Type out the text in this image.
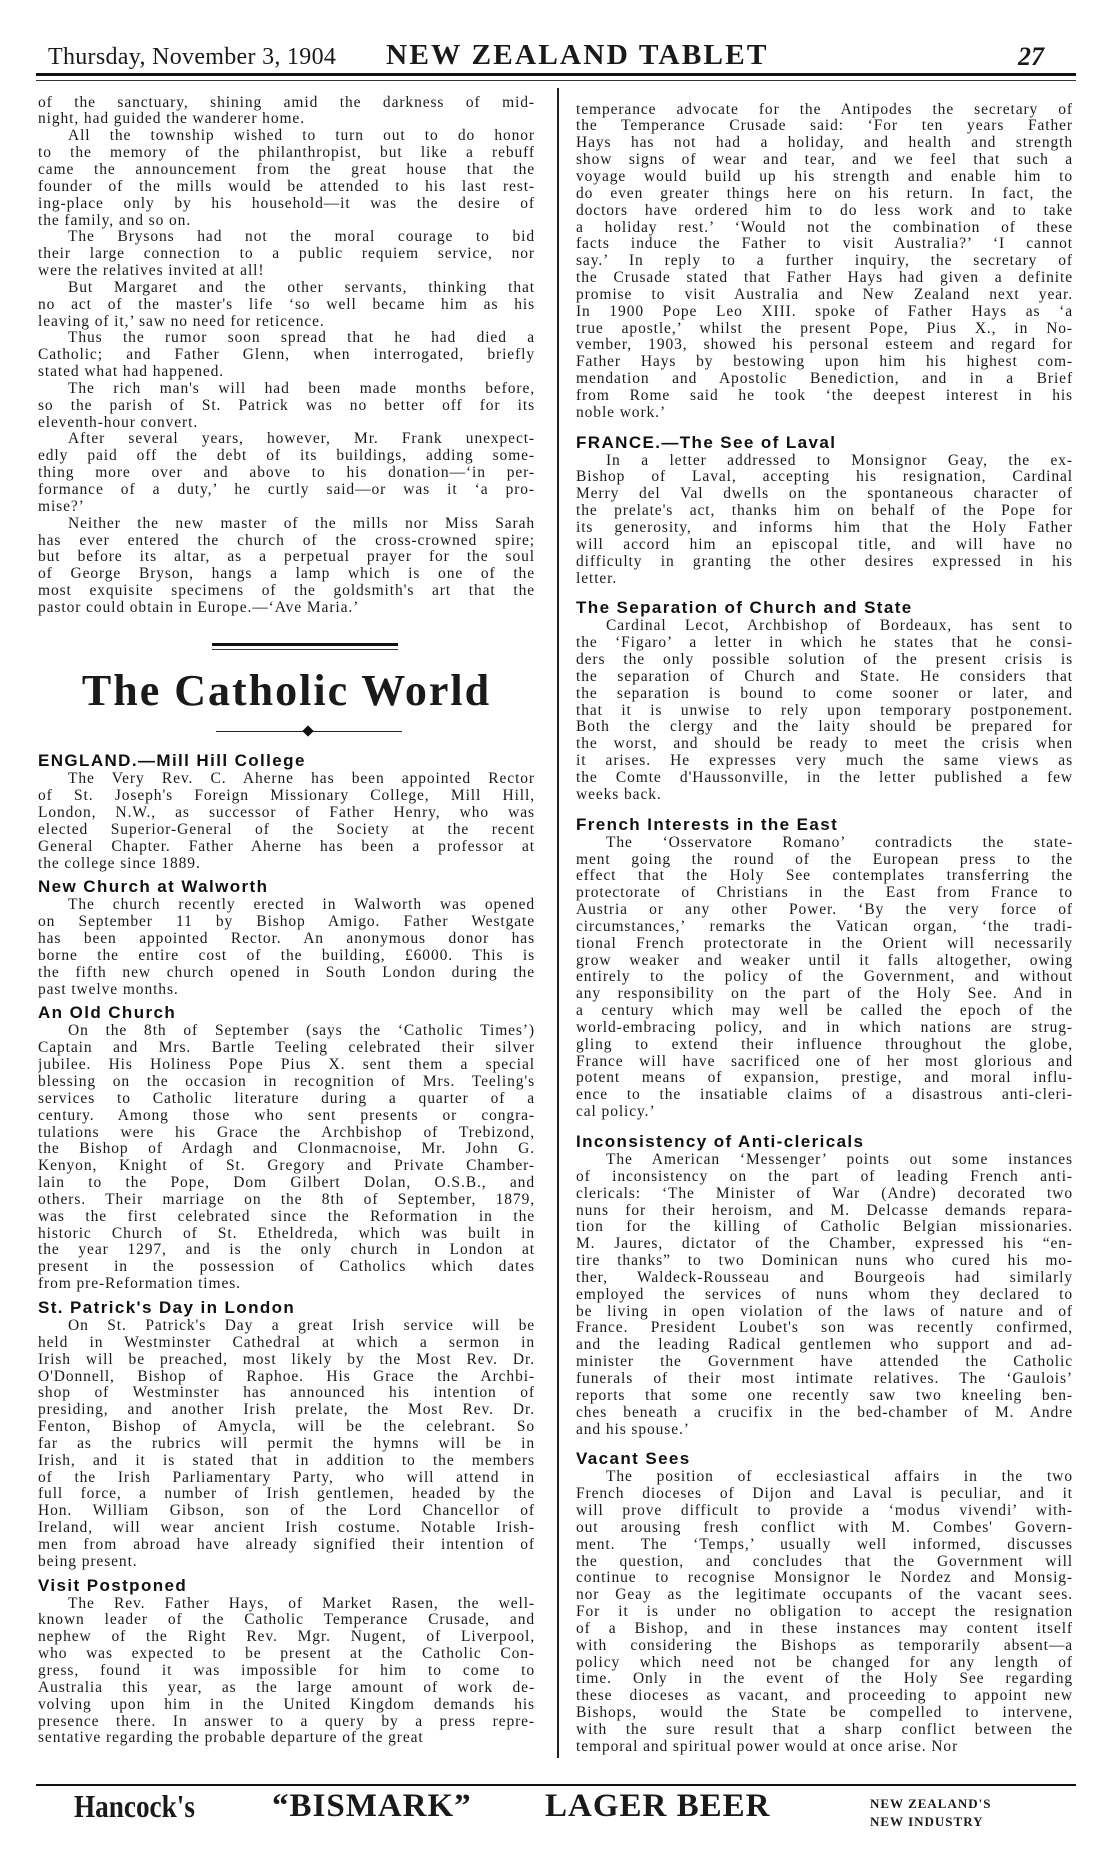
Thursday, November 3, 1904 NEW ZEALAND TABLET	27
of the sanctuary, shining amid the darkness of mid-
night, had guided the wanderer home.
All the township wished to turn out to do honor
to the memory of the philanthropist, but like a rebuff
came the announcement from the great house that the
founder of the mills would be attended to his last rest-
ing-place only by his household—it was the desire of
the family, and so on.
The Brysons had not the moral courage to bid
their large connection to a public requiem service, nor
were the relatives invited at all!
But Margaret and the other servants, thinking that
no act of the master's life ‘so well became him as his
leaving of it,’ saw no need for reticence.
Thus the rumor soon spread that he had died a
Catholic; and Father Glenn, when interrogated, briefly
stated what had happened.
The rich man's will had been made months before,
so the parish of St. Patrick was no better off for its
eleventh-hour convert.
After several years, however, Mr. Frank unexpect-
edly paid off the debt of its buildings, adding some-
thing more over and above to his donation—‘in per-
formance of a duty,’ he curtly said—or was it ‘a pro-
mise?’
Neither the new master of the mills nor Miss Sarah
has ever entered the church of the cross-crowned spire;
but before its altar, as a perpetual prayer for the soul
of George Bryson, hangs a lamp which is one of the
most exquisite specimens of the goldsmith's art that the
pastor could obtain in Europe.—‘Ave Maria.’
The Catholic World
ENGLAND.—Mill Hill College
The Very Rev. C. Aherne has been appointed Rector
of St. Joseph's Foreign Missionary College, Mill Hill,
London, N.W., as successor of Father Henry, who was
elected Superior-General of the Society at the recent
General Chapter. Father Aherne has been a professor at
the college since 1889.
New Church at Walworth
The church recently erected in Walworth was opened
on September 11 by Bishop Amigo. Father Westgate
has been appointed Rector. An anonymous donor has
borne the entire cost of the building, £6000. This is
the fifth new church opened in South London during the
past twelve months.
An Old Church
On the 8th of September (says the ‘Catholic Times’)
Captain and Mrs. Bartle Teeling celebrated their silver
jubilee. His Holiness Pope Pius X. sent them a special
blessing on the occasion in recognition of Mrs. Teeling's
services to Catholic literature during a quarter of a
century. Among those who sent presents or congra-
tulations were his Grace the Archbishop of Trebizond,
the Bishop of Ardagh and Clonmacnoise, Mr. John G.
Kenyon, Knight of St. Gregory and Private Chamber-
lain to the Pope, Dom Gilbert Dolan, O.S.B., and
others. Their marriage on the 8th of September, 1879,
was the first celebrated since the Reformation in the
historic Church of St. Etheldreda, which was built in
the year 1297, and is the only church in London at
present in the possession of Catholics which dates
from pre-Reformation times.
St. Patrick's Day in London
On St. Patrick's Day a great Irish service will be
held in Westminster Cathedral at which a sermon in
Irish will be preached, most likely by the Most Rev. Dr.
O'Donnell, Bishop of Raphoe. His Grace the Archbi-
shop of Westminster has announced his intention of
presiding, and another Irish prelate, the Most Rev. Dr.
Fenton, Bishop of Amycla, will be the celebrant. So
far as the rubrics will permit the hymns will be in
Irish, and it is stated that in addition to the members
of the Irish Parliamentary Party, who will attend in
full force, a number of Irish gentlemen, headed by the
Hon. William Gibson, son of the Lord Chancellor of
Ireland, will wear ancient Irish costume. Notable Irish-
men from abroad have already signified their intention of
being present.
Visit Postponed
The Rev. Father Hays, of Market Rasen, the well-
known leader of the Catholic Temperance Crusade, and
nephew of the Right Rev. Mgr. Nugent, of Liverpool,
who was expected to be present at the Catholic Con-
gress, found it was impossible for him to come to
Australia this year, as the large amount of work de-
volving upon him in the United Kingdom demands his
presence there. In answer to a query by a press repre-
sentative regarding the probable departure of the great
temperance advocate for the Antipodes the secretary of
the Temperance Crusade said: ‘For ten years Father
Hays has not had a holiday, and health and strength
show signs of wear and tear, and we feel that such a
voyage would build up his strength and enable him to
do even greater things here on his return. In fact, the
doctors have ordered him to do less work and to take
a holiday rest.’ ‘Would not the combination of these
facts induce the Father to visit Australia?’ ‘I cannot
say.’ In reply to a further inquiry, the secretary of
the Crusade stated that Father Hays had given a definite
promise to visit Australia and New Zealand next year.
In 1900 Pope Leo XIII. spoke of Father Hays as ‘a
true apostle,’ whilst the present Pope, Pius X., in No-
vember, 1903, showed his personal esteem and regard for
Father Hays by bestowing upon him his highest com-
mendation and Apostolic Benediction, and in a Brief
from Rome said he took ‘the deepest interest in his
noble work.’
FRANCE.—The See of Laval
In a letter addressed to Monsignor Geay, the ex-
Bishop of Laval, accepting his resignation, Cardinal
Merry del Val dwells on the spontaneous character of
the prelate's act, thanks him on behalf of the Pope for
its generosity, and informs him that the Holy Father
will accord him an episcopal title, and will have no
difficulty in granting the other desires expressed in his
letter.
The Separation of Church and State
Cardinal Lecot, Archbishop of Bordeaux, has sent to
the ‘Figaro’ a letter in which he states that he consi-
ders the only possible solution of the present crisis is
the separation of Church and State. He considers that
the separation is bound to come sooner or later, and
that it is unwise to rely upon temporary postponement.
Both the clergy and the laity should be prepared for
the worst, and should be ready to meet the crisis when
it arises. He expresses very much the same views as
the Comte d'Haussonville, in the letter published a few
weeks back.
French Interests in the East
The ‘Osservatore Romano’ contradicts the state-
ment going the round of the European press to the
effect that the Holy See contemplates transferring the
protectorate of Christians in the East from France to
Austria or any other Power. ‘By the very force of
circumstances,’ remarks the Vatican organ, ‘the tradi-
tional French protectorate in the Orient will necessarily
grow weaker and weaker until it falls altogether, owing
entirely to the policy of the Government, and without
any responsibility on the part of the Holy See. And in
a century which may well be called the epoch of the
world-embracing policy, and in which nations are strug-
gling to extend their influence throughout the globe,
France will have sacrificed one of her most glorious and
potent means of expansion, prestige, and moral influ-
ence to the insatiable claims of a disastrous anti-cleri-
cal policy.’
Inconsistency of Anti-clericals
The American ‘Messenger’ points out some instances
of inconsistency on the part of leading French anti-
clericals: ‘The Minister of War (Andre) decorated two
nuns for their heroism, and M. Delcasse demands repara-
tion for the killing of Catholic Belgian missionaries.
M. Jaures, dictator of the Chamber, expressed his “en-
tire thanks” to two Dominican nuns who cured his mo-
ther, Waldeck-Rousseau and Bourgeois had similarly
employed the services of nuns whom they declared to
be living in open violation of the laws of nature and of
France. President Loubet's son was recently confirmed,
and the leading Radical gentlemen who support and ad-
minister the Government have attended the Catholic
funerals of their most intimate relatives. The ‘Gaulois’
reports that some one recently saw two kneeling ben-
ches beneath a crucifix in the bed-chamber of M. Andre
and his spouse.’
Vacant Sees
The position of ecclesiastical affairs in the two
French dioceses of Dijon and Laval is peculiar, and it
will prove difficult to provide a ‘modus vivendi’ with-
out arousing fresh conflict with M. Combes' Govern-
ment. The ‘Temps,’ usually well informed, discusses
the question, and concludes that the Government will
continue to recognise Monsignor le Nordez and Monsig-
nor Geay as the legitimate occupants of the vacant sees.
For it is under no obligation to accept the resignation
of a Bishop, and in these instances may content itself
with considering the Bishops as temporarily absent—a
policy which need not be changed for any length of
time. Only in the event of the Holy See regarding
these dioceses as vacant, and proceeding to appoint new
Bishops, would the State be compelled to intervene,
with the sure result that a sharp conflict between the
temporal and spiritual power would at once arise. Nor
Hancock's “BISMARK” LAGER BEER	NEW ZEALAND'S
NEW INDUSTRY
